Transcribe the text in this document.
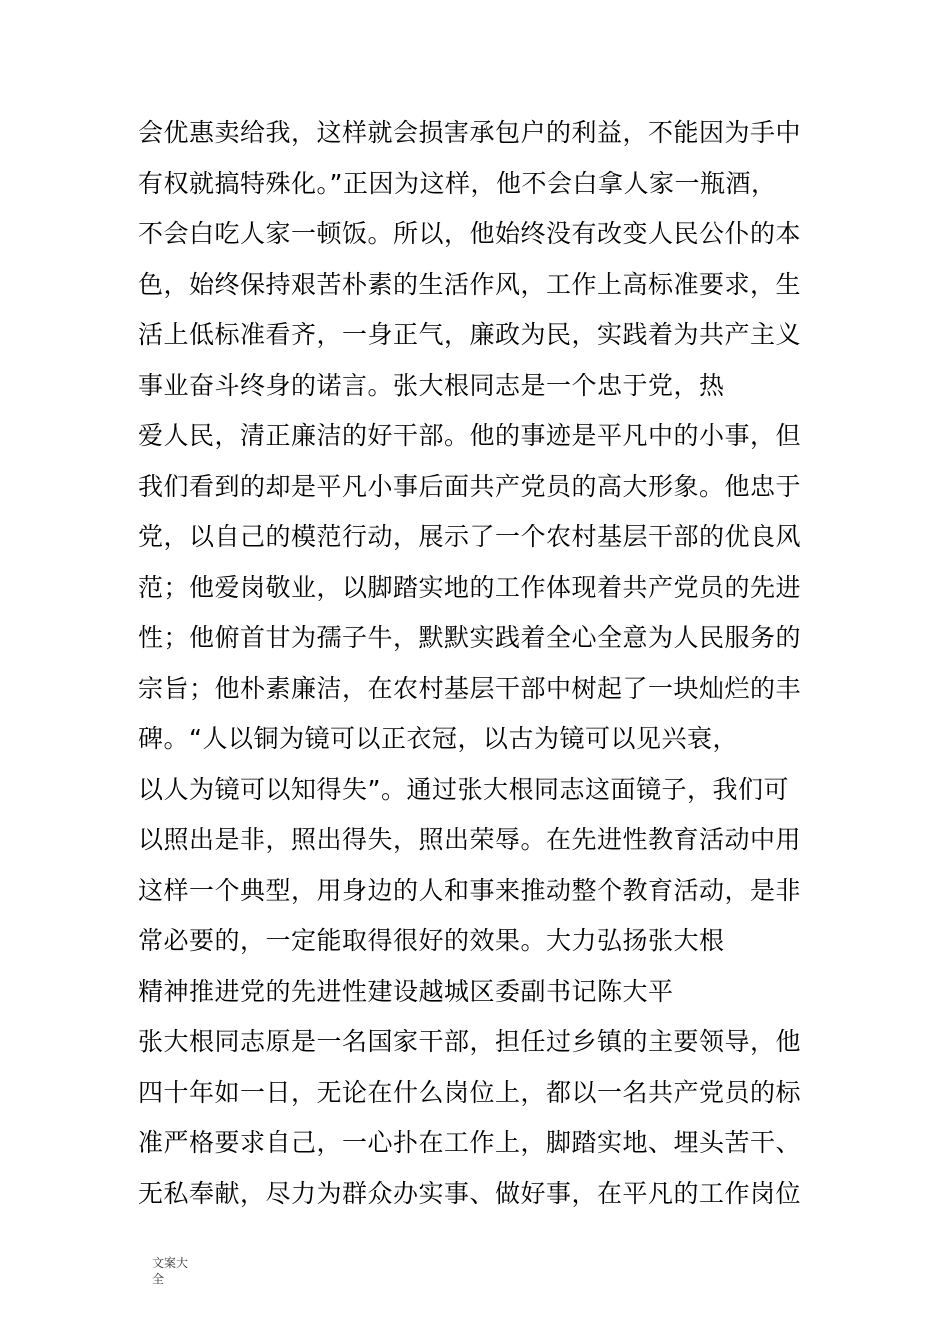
会优惠卖给我，这样就会损害承包户的利益，不能因为手中
有权就搞特殊化。”正因为这样，他不会白拿人家一瓶酒，
不会白吃人家一顿饭。所以，他始终没有改变人民公仆的本
色，始终保持艰苦朴素的生活作风，工作上高标准要求，生
活上低标准看齐，一身正气，廉政为民，实践着为共产主义
事业奋斗终身的诺言。张大根同志是一个忠于党，热
爱人民，清正廉洁的好干部。他的事迹是平凡中的小事，但
我们看到的却是平凡小事后面共产党员的高大形象。他忠于
党，以自己的模范行动，展示了一个农村基层干部的优良风
范；他爱岗敬业，以脚踏实地的工作体现着共产党员的先进
性；他俯首甘为孺子牛，默默实践着全心全意为人民服务的
宗旨；他朴素廉洁，在农村基层干部中树起了一块灿烂的丰
碑。“人以铜为镜可以正衣冠，以古为镜可以见兴衰，
以人为镜可以知得失”。通过张大根同志这面镜子，我们可
以照出是非，照出得失，照出荣辱。在先进性教育活动中用
这样一个典型，用身边的人和事来推动整个教育活动，是非
常必要的，一定能取得很好的效果。大力弘扬张大根
精神推进党的先进性建设越城区委副书记陈大平
张大根同志原是一名国家干部，担任过乡镇的主要领导，他
四十年如一日，无论在什么岗位上，都以一名共产党员的标
准严格要求自己，一心扑在工作上，脚踏实地、埋头苦干、
无私奉献，尽力为群众办实事、做好事，在平凡的工作岗位
文案大
全
